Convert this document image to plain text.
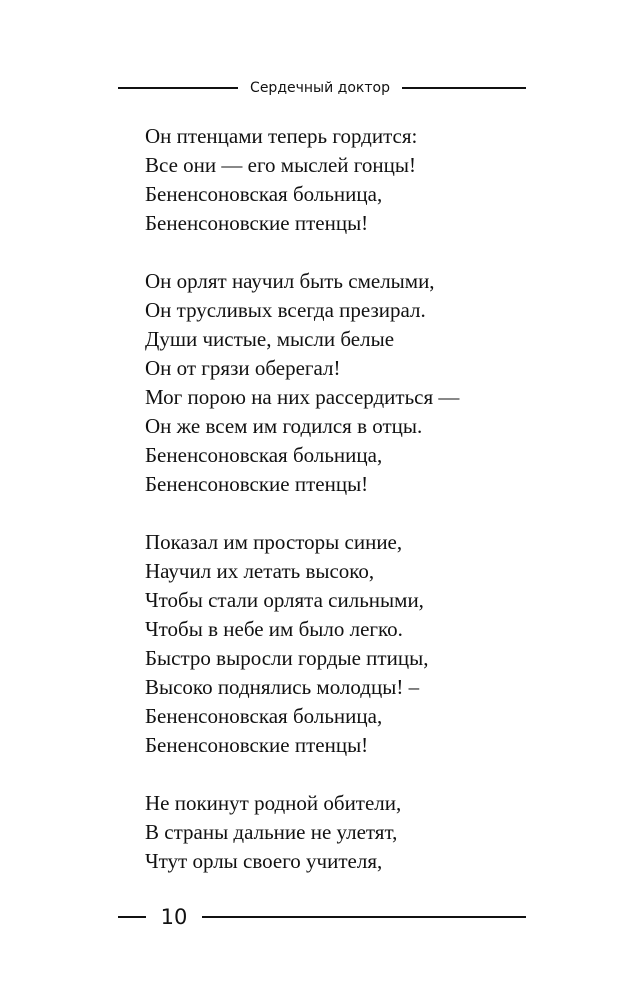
Сердечный доктор
Он птенцами теперь гордится:
Все они — его мыслей гонцы!
Бененсоновская больница,
Бененсоновские птенцы!
Он орлят научил быть смелыми,
Он трусливых всегда презирал.
Души чистые, мысли белые
Он от грязи оберегал!
Мог порою на них рассердиться —
Он же всем им годился в отцы.
Бененсоновская больница,
Бененсоновские птенцы!
Показал им просторы синие,
Научил их летать высоко,
Чтобы стали орлята сильными,
Чтобы в небе им было легко.
Быстро выросли гордые птицы,
Высоко поднялись молодцы! –
Бененсоновская больница,
Бененсоновские птенцы!
Не покинут родной обители,
В страны дальние не улетят,
Чтут орлы своего учителя,
10
